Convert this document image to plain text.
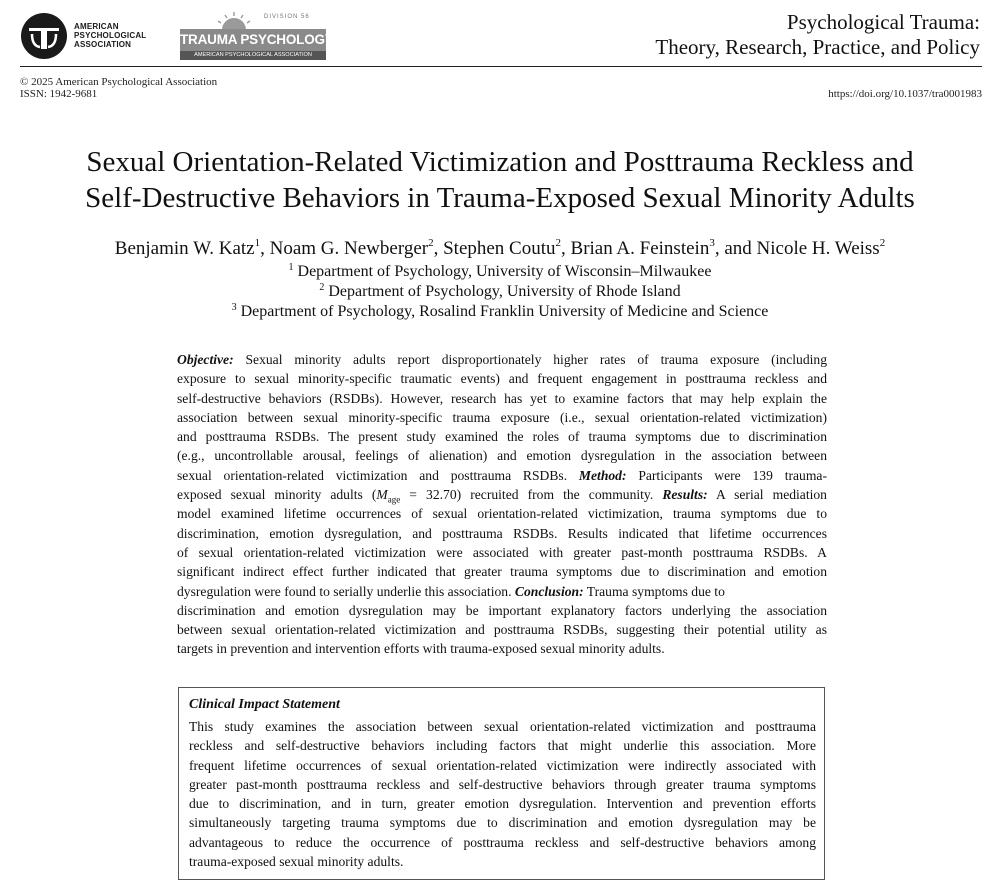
AMERICAN
PSYCHOLOGICAL
ASSOCIATION
DIVISION 56
TRAUMA PSYCHOLOGY
AMERICAN PSYCHOLOGICAL ASSOCIATION
Psychological Trauma:
Theory, Research, Practice, and Policy
© 2025 American Psychological Association
ISSN: 1942-9681	https://doi.org/10.1037/tra0001983
Sexual Orientation-Related Victimization and Posttrauma Reckless and
Self-Destructive Behaviors in Trauma-Exposed Sexual Minority Adults
Benjamin W. Katz$^1$, Noam G. Newberger$^2$, Stephen Coutu$^2$, Brian A. Feinstein$^3$, and Nicole H. Weiss$^2$
$^1$ Department of Psychology, University of Wisconsin–Milwaukee
$^2$ Department of Psychology, University of Rhode Island
$^3$ Department of Psychology, Rosalind Franklin University of Medicine and Science
Objective: Sexual minority adults report disproportionately higher rates of trauma exposure (including
exposure to sexual minority-specific traumatic events) and frequent engagement in posttrauma reckless and
self-destructive behaviors (RSDBs). However, research has yet to examine factors that may help explain the
association between sexual minority-specific trauma exposure (i.e., sexual orientation-related victimization)
and posttrauma RSDBs. The present study examined the roles of trauma symptoms due to discrimination
(e.g., uncontrollable arousal, feelings of alienation) and emotion dysregulation in the association between
sexual orientation-related victimization and posttrauma RSDBs. Method: Participants were 139 trauma-
exposed sexual minority adults $(M_{age} = 32.70)$ recruited from the community. Results: A serial mediation
model examined lifetime occurrences of sexual orientation-related victimization, trauma symptoms due to
discrimination, emotion dysregulation, and posttrauma RSDBs. Results indicated that lifetime occurrences
of sexual orientation-related victimization were associated with greater past-month posttrauma RSDBs. A
significant indirect effect further indicated that greater trauma symptoms due to discrimination and emotion
dysregulation were found to serially underlie this association. Conclusion: Trauma symptoms due to
discrimination and emotion dysregulation may be important explanatory factors underlying the association
between sexual orientation-related victimization and posttrauma RSDBs, suggesting their potential utility as
targets in prevention and intervention efforts with trauma-exposed sexual minority adults.
Clinical Impact Statement
This study examines the association between sexual orientation-related victimization and posttrauma
reckless and self-destructive behaviors including factors that might underlie this association. More
frequent lifetime occurrences of sexual orientation-related victimization were indirectly associated with
greater past-month posttrauma reckless and self-destructive behaviors through greater trauma symptoms
due to discrimination, and in turn, greater emotion dysregulation. Intervention and prevention efforts
simultaneously targeting trauma symptoms due to discrimination and emotion dysregulation may be
advantageous to reduce the occurrence of posttrauma reckless and self-destructive behaviors among
trauma-exposed sexual minority adults.
